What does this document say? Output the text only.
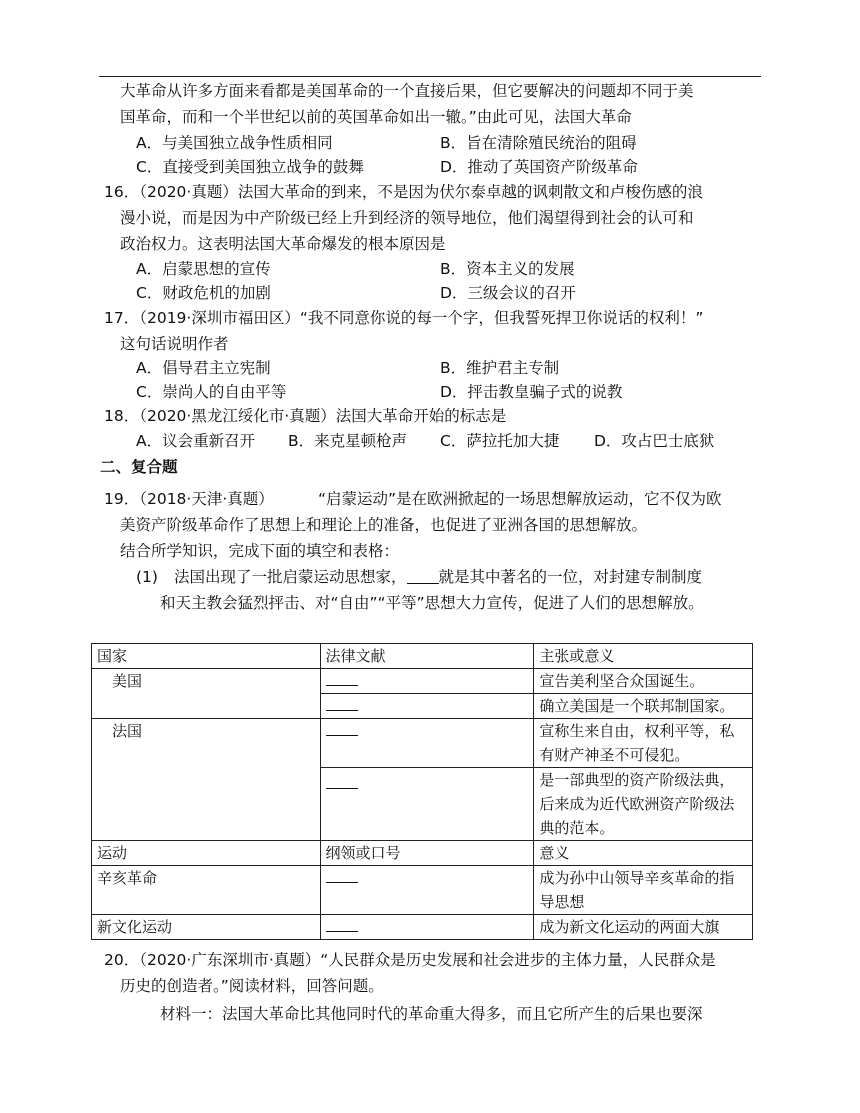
大革命从许多方面来看都是美国革命的一个直接后果，但它要解决的问题却不同于美
国革命，而和一个半世纪以前的英国革命如出一辙。”由此可见，法国大革命
A．与美国独立战争性质相同	B．旨在清除殖民统治的阻碍
C．直接受到美国独立战争的鼓舞	D．推动了英国资产阶级革命
16．（2020·真题）法国大革命的到来，不是因为伏尔泰卓越的讽刺散文和卢梭伤感的浪
漫小说，而是因为中产阶级已经上升到经济的领导地位，他们渴望得到社会的认可和
政治权力。这表明法国大革命爆发的根本原因是
A．启蒙思想的宣传	B．资本主义的发展
C．财政危机的加剧	D．三级会议的召开
17．（2019·深圳市福田区）“我不同意你说的每一个字，但我誓死捍卫你说话的权利！”
这句话说明作者
A．倡导君主立宪制	B．维护君主专制
C．崇尚人的自由平等	D．抨击教皇骗子式的说教
18．（2020·黑龙江绥化市·真题）法国大革命开始的标志是
A．议会重新召开 B．来克星顿枪声 C．萨拉托加大捷 D．攻占巴士底狱
二、复合题
19．（2018·天津·真题）	“启蒙运动”是在欧洲掀起的一场思想解放运动，它不仅为欧
美资产阶级革命作了思想上和理论上的准备，也促进了亚洲各国的思想解放。
结合所学知识，完成下面的填空和表格：
(1) 法国出现了一批启蒙运动思想家， 就是其中著名的一位，对封建专制制度
和天主教会猛烈抨击、对“自由”“平等”思想大力宣传，促进了人们的思想解放。
国家	法律文献	主张或意义
美国		宣告美利坚合众国诞生。
		确立美国是一个联邦制国家。
法国		宣称生来自由，权利平等，私有财产神圣不可侵犯。
		是一部典型的资产阶级法典，后来成为近代欧洲资产阶级法典的范本。
运动	纲领或口号	意义
辛亥革命		成为孙中山领导辛亥革命的指导思想
新文化运动		成为新文化运动的两面大旗
20．（2020·广东深圳市·真题）“人民群众是历史发展和社会进步的主体力量，人民群众是
历史的创造者。”阅读材料，回答问题。
材料一：法国大革命比其他同时代的革命重大得多，而且它所产生的后果也要深
